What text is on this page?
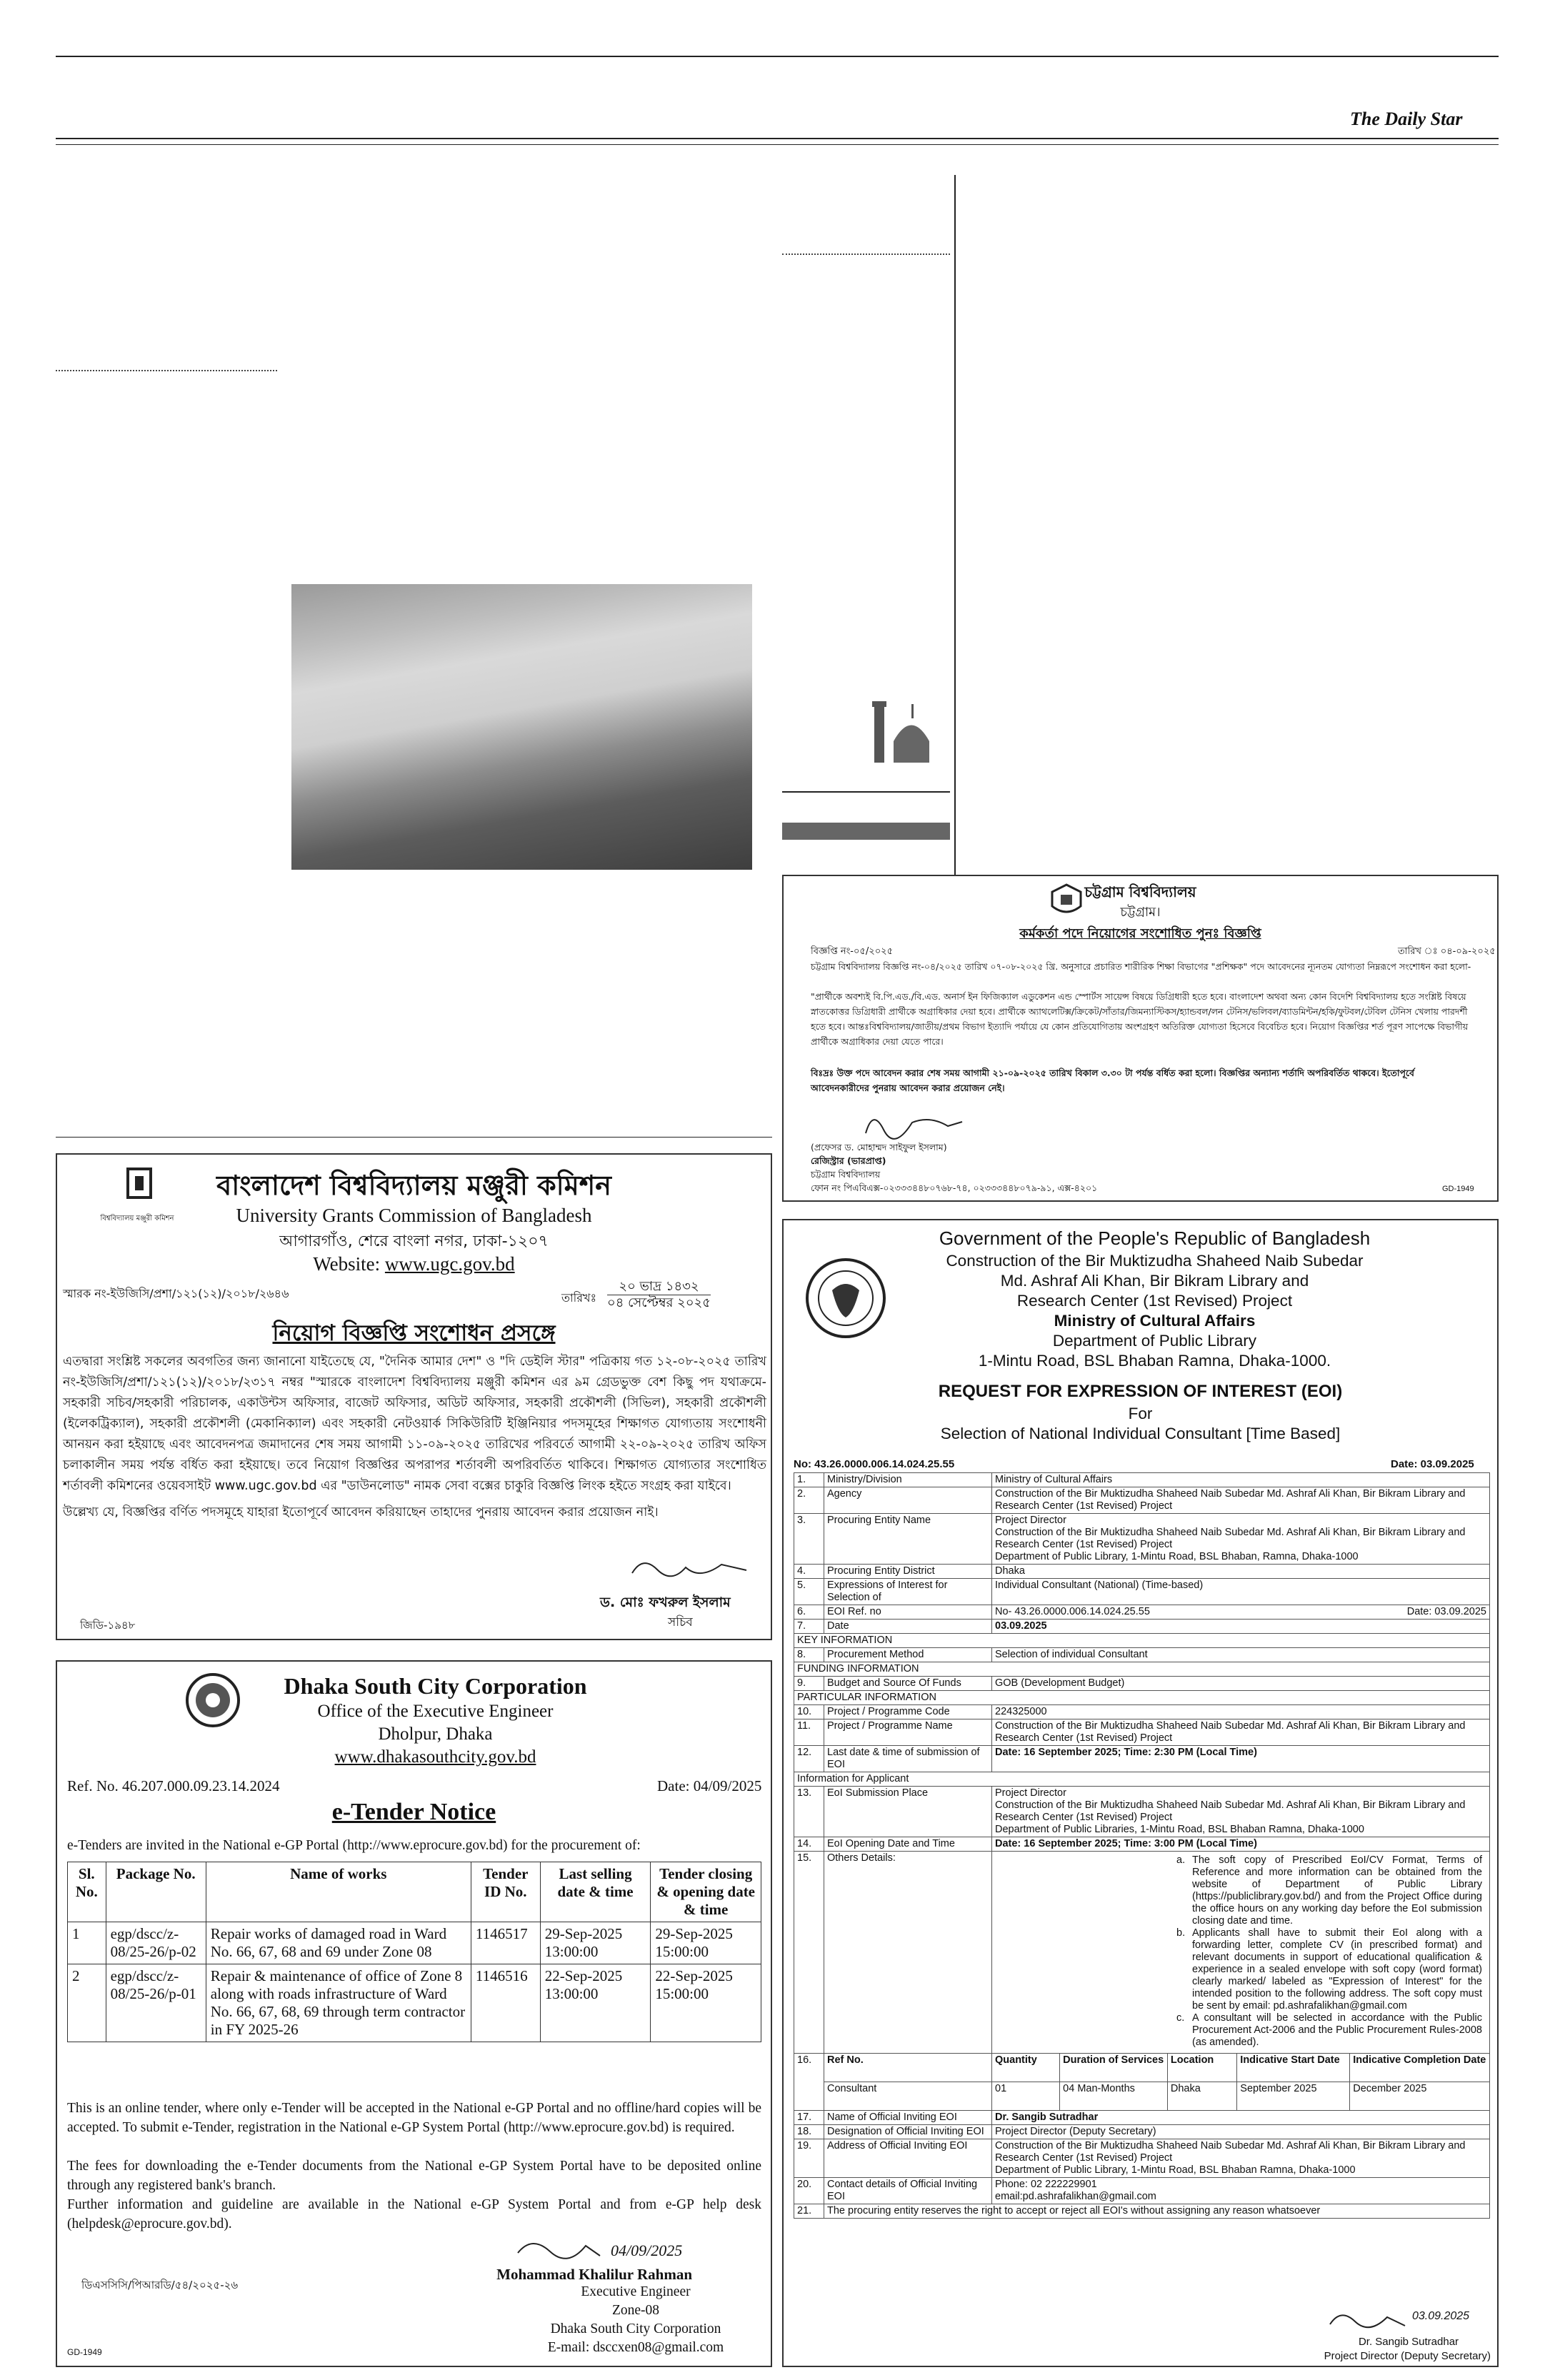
The Daily Star
বিশ্ববিদ্যালয় মঞ্জুরী কমিশন
বাংলাদেশ বিশ্ববিদ্যালয় মঞ্জুরী কমিশন
University Grants Commission of Bangladesh
আগারগাঁও, শেরে বাংলা নগর, ঢাকা-১২০৭
Website: www.ugc.gov.bd
স্মারক নং-ইউজিসি/প্রশা/১২১(১২)/২০১৮/২৬৪৬	তারিখঃ
২০ ভাদ্র ১৪৩২
০৪ সেপ্টেম্বর ২০২৫
নিয়োগ বিজ্ঞপ্তি সংশোধন প্রসঙ্গে

এতদ্বারা সংশ্লিষ্ট সকলের অবগতির জন্য জানানো যাইতেছে যে, "দৈনিক আমার দেশ" ও "দি ডেইলি স্টার" পত্রিকায় গত ১২-০৮-২০২৫ তারিখ নং-ইউজিসি/প্রশা/১২১(১২)/২০১৮/২৩১৭ নম্বর "স্মারকে বাংলাদেশ বিশ্ববিদ্যালয় মঞ্জুরী কমিশন এর ৯ম গ্রেডভুক্ত বেশ কিছু পদ যথাক্রমে- সহকারী সচিব/সহকারী পরিচালক, একাউন্টস অফিসার, বাজেট অফিসার, অডিট অফিসার, সহকারী প্রকৌশলী (সিভিল), সহকারী প্রকৌশলী (ইলেকট্রিক্যাল), সহকারী প্রকৌশলী (মেকানিক্যাল) এবং সহকারী নেটওয়ার্ক সিকিউরিটি ইঞ্জিনিয়ার পদসমূহের শিক্ষাগত যোগ্যতায় সংশোধনী আনয়ন করা হইয়াছে এবং আবেদনপত্র জমাদানের শেষ সময় আগামী ১১-০৯-২০২৫ তারিখের পরিবর্তে আগামী ২২-০৯-২০২৫ তারিখ অফিস চলাকালীন সময় পর্যন্ত বর্ধিত করা হইয়াছে। তবে নিয়োগ বিজ্ঞপ্তির অপরাপর শর্তাবলী অপরিবর্তিত থাকিবে। শিক্ষাগত যোগ্যতার সংশোধিত শর্তাবলী কমিশনের ওয়েবসাইট www.ugc.gov.bd এর "ডাউনলোড" নামক সেবা বক্সের চাকুরি বিজ্ঞপ্তি লিংক হইতে সংগ্রহ করা যাইবে।

উল্লেখ্য যে, বিজ্ঞপ্তির বর্ণিত পদসমূহে যাহারা ইতোপূর্বে আবেদন করিয়াছেন তাহাদের পুনরায় আবেদন করার প্রয়োজন নাই।

ড. মোঃ ফখরুল ইসলাম
সচিব
জিডি-১৯৪৮
Dhaka South City Corporation
Office of the Executive Engineer
Dholpur, Dhaka
www.dhakasouthcity.gov.bd
Ref. No. 46.207.000.09.23.14.2024	Date: 04/09/2025
e-Tender Notice
e-Tenders are invited in the National e-GP Portal (http://www.eprocure.gov.bd) for the procurement of:
Sl. No.	Package No.	Name of works	Tender ID No.	Last selling date & time	Tender closing & opening date & time
1	egp/dscc/z-08/25-26/p-02	Repair works of damaged road in Ward No. 66, 67, 68 and 69 under Zone 08	1146517	29-Sep-2025 13:00:00	29-Sep-2025 15:00:00
2	egp/dscc/z-08/25-26/p-01	Repair & maintenance of office of Zone 8 along with roads infrastructure of Ward No. 66, 67, 68, 69 through term contractor in FY 2025-26	1146516	22-Sep-2025 13:00:00	22-Sep-2025 15:00:00

This is an online tender, where only e-Tender will be accepted in the National e-GP Portal and no offline/hard copies will be accepted. To submit e-Tender, registration in the National e-GP System Portal (http://www.eprocure.gov.bd) is required.

The fees for downloading the e-Tender documents from the National e-GP System Portal have to be deposited online through any registered bank's branch.

Further information and guideline are available in the National e-GP System Portal and from e-GP help desk (helpdesk@eprocure.gov.bd).

04/09/2025
Mohammad Khalilur Rahman
Executive Engineer
Zone-08
Dhaka South City Corporation
E-mail: dsccxen08@gmail.com
ডিএসসিসি/পিআরডি/৫৪/২০২৫-২৬
GD-1949
চট্টগ্রাম বিশ্ববিদ্যালয়
চট্টগ্রাম।
কর্মকর্তা পদে নিয়োগের সংশোধিত পুনঃ বিজ্ঞপ্তি
বিজ্ঞপ্তি নং-০৫/২০২৫	তারিখ ঃ ০৪-০৯-২০২৫

চট্টগ্রাম বিশ্ববিদ্যালয় বিজ্ঞপ্তি নং-০৪/২০২৫ তারিখ ০৭-০৮-২০২৫ খ্রি. অনুসারে প্রচারিত শারীরিক শিক্ষা বিভাগের "প্রশিক্ষক" পদে আবেদনের ন্যূনতম যোগ্যতা নিম্নরূপে সংশোধন করা হলো-

"প্রার্থীকে অবশ্যই বি.পি.এড./বি.এড. অনার্স ইন ফিজিক্যাল এডুকেশন এন্ড স্পোর্টস সায়েন্স বিষয়ে ডিগ্রিধারী হতে হবে। বাংলাদেশ অথবা অন্য কোন বিদেশি বিশ্ববিদ্যালয় হতে সংশ্লিষ্ট বিষয়ে স্নাতকোত্তর ডিগ্রিধারী প্রার্থীকে অগ্রাধিকার দেয়া হবে। প্রার্থীকে অ্যাথলেটিক্স/ক্রিকেট/সাঁতার/জিমন্যাস্টিকস/হ্যান্ডবল/লন টেনিস/ভলিবল/ব্যাডমিন্টন/হকি/ফুটবল/টেবিল টেনিস খেলায় পারদর্শী হতে হবে। আন্তঃবিশ্ববিদ্যালয়/জাতীয়/প্রথম বিভাগ ইত্যাদি পর্যায়ে যে কোন প্রতিযোগিতায় অংশগ্রহণ অতিরিক্ত যোগ্যতা হিসেবে বিবেচিত হবে। নিয়োগ বিজ্ঞপ্তির শর্ত পূরণ সাপেক্ষে বিভাগীয় প্রার্থীকে অগ্রাধিকার দেয়া যেতে পারে।

বিঃদ্রঃ উক্ত পদে আবেদন করার শেষ সময় আগামী ২১-০৯-২০২৫ তারিখ বিকাল ৩.৩০ টা পর্যন্ত বর্ধিত করা হলো। বিজ্ঞপ্তির অন্যান্য শর্তাদি অপরিবর্তিত থাকবে। ইতোপূর্বে আবেদনকারীদের পুনরায় আবেদন করার প্রয়োজন নেই।

(প্রফেসর ড. মোহাম্মদ সাইফুল ইসলাম)
রেজিস্ট্রার (ভারপ্রাপ্ত)
চট্টগ্রাম বিশ্ববিদ্যালয়
ফোন নং পিএবিএক্স-০২৩৩৩৪৪৮০৭৬৮-৭৪, ০২৩৩৩৪৪৮০৭৯-৯১, এক্স-৪২০১	GD-1949
Government of the People's Republic of Bangladesh
Construction of the Bir Muktizudha Shaheed Naib Subedar
Md. Ashraf Ali Khan, Bir Bikram Library and
Research Center (1st Revised) Project
Ministry of Cultural Affairs
Department of Public Library
1-Mintu Road, BSL Bhaban Ramna, Dhaka-1000.
REQUEST FOR EXPRESSION OF INTEREST (EOI)
For
Selection of National Individual Consultant [Time Based]
No: 43.26.0000.006.14.024.25.55	Date: 03.09.2025
1.	Ministry/Division	Ministry of Cultural Affairs				
2.	Agency	Construction of the Bir Muktizudha Shaheed Naib Subedar Md. Ashraf Ali Khan, Bir Bikram Library and Research Center (1st Revised) Project				
3.	Procuring Entity Name	Project Director
Construction of the Bir Muktizudha Shaheed Naib Subedar Md. Ashraf Ali Khan, Bir Bikram Library and Research Center (1st Revised) Project
Department of Public Library, 1-Mintu Road, BSL Bhaban, Ramna, Dhaka-1000				

4.	Procuring Entity District	Dhaka				
5.	Expressions of Interest for Selection of	Individual Consultant (National) (Time-based)				
6.	EOI Ref. no	No- 43.26.0000.006.14.024.25.55 Date: 03.09.2025				

7.	Date	03.09.2025				
KEY INFORMATION						
8.	Procurement Method	Selection of individual Consultant				
FUNDING INFORMATION						
9.	Budget and Source Of Funds	GOB (Development Budget)				
PARTICULAR INFORMATION						
10.	Project / Programme Code	224325000				
11.	Project / Programme Name	Construction of the Bir Muktizudha Shaheed Naib Subedar Md. Ashraf Ali Khan, Bir Bikram Library and Research Center (1st Revised) Project				
12.	Last date & time of submission of EOI	Date: 16 September 2025; Time: 2:30 PM (Local Time)				
Information for Applicant						
13.	EoI Submission Place	Project Director
Construction of the Bir Muktizudha Shaheed Naib Subedar Md. Ashraf Ali Khan, Bir Bikram Library and Research Center (1st Revised) Project
Department of Public Libraries, 1-Mintu Road, BSL Bhaban Ramna, Dhaka-1000				

14.	EoI Opening Date and Time	Date: 16 September 2025; Time: 3:00 PM (Local Time)				
15.	Others Details:	a. The soft copy of Prescribed EoI/CV Format, Terms of Reference and more information can be obtained from the website of Department of Public Library (https://publiclibrary.gov.bd/) and from the Project Office during the office hours on any working day before the EoI submission closing date and time.
b. Applicants shall have to submit their EoI along with a forwarding letter, complete CV (in prescribed format) and relevant documents in support of educational qualification & experience in a sealed envelope with soft copy (word format) clearly marked/ labeled as "Expression of Interest" for the intended position to the following address. The soft copy must be sent by email: pd.ashrafalikhan@gmail.com
c. A consultant will be selected in accordance with the Public Procurement Act-2006 and the Public Procurement Rules-2008 (as amended).				

16.	Ref No.	Quantity	Duration of Services	Location	Indicative Start Date	Indicative Completion Date
	Consultant	01	04 Man-Months	Dhaka	September 2025	December 2025
17.	Name of Official Inviting EOI	Dr. Sangib Sutradhar				
18.	Designation of Official Inviting EOI	Project Director (Deputy Secretary)				
19.	Address of Official Inviting EOI	Construction of the Bir Muktizudha Shaheed Naib Subedar Md. Ashraf Ali Khan, Bir Bikram Library and Research Center (1st Revised) Project
Department of Public Library, 1-Mintu Road, BSL Bhaban Ramna, Dhaka-1000				

20.	Contact details of Official Inviting EOI	Phone: 02 222229901
email:pd.ashrafalikhan@gmail.com				

21.	The procuring entity reserves the right to accept or reject all EOI's without assigning any reason whatsoever					
03.09.2025
Dr. Sangib Sutradhar
Project Director (Deputy Secretary)
